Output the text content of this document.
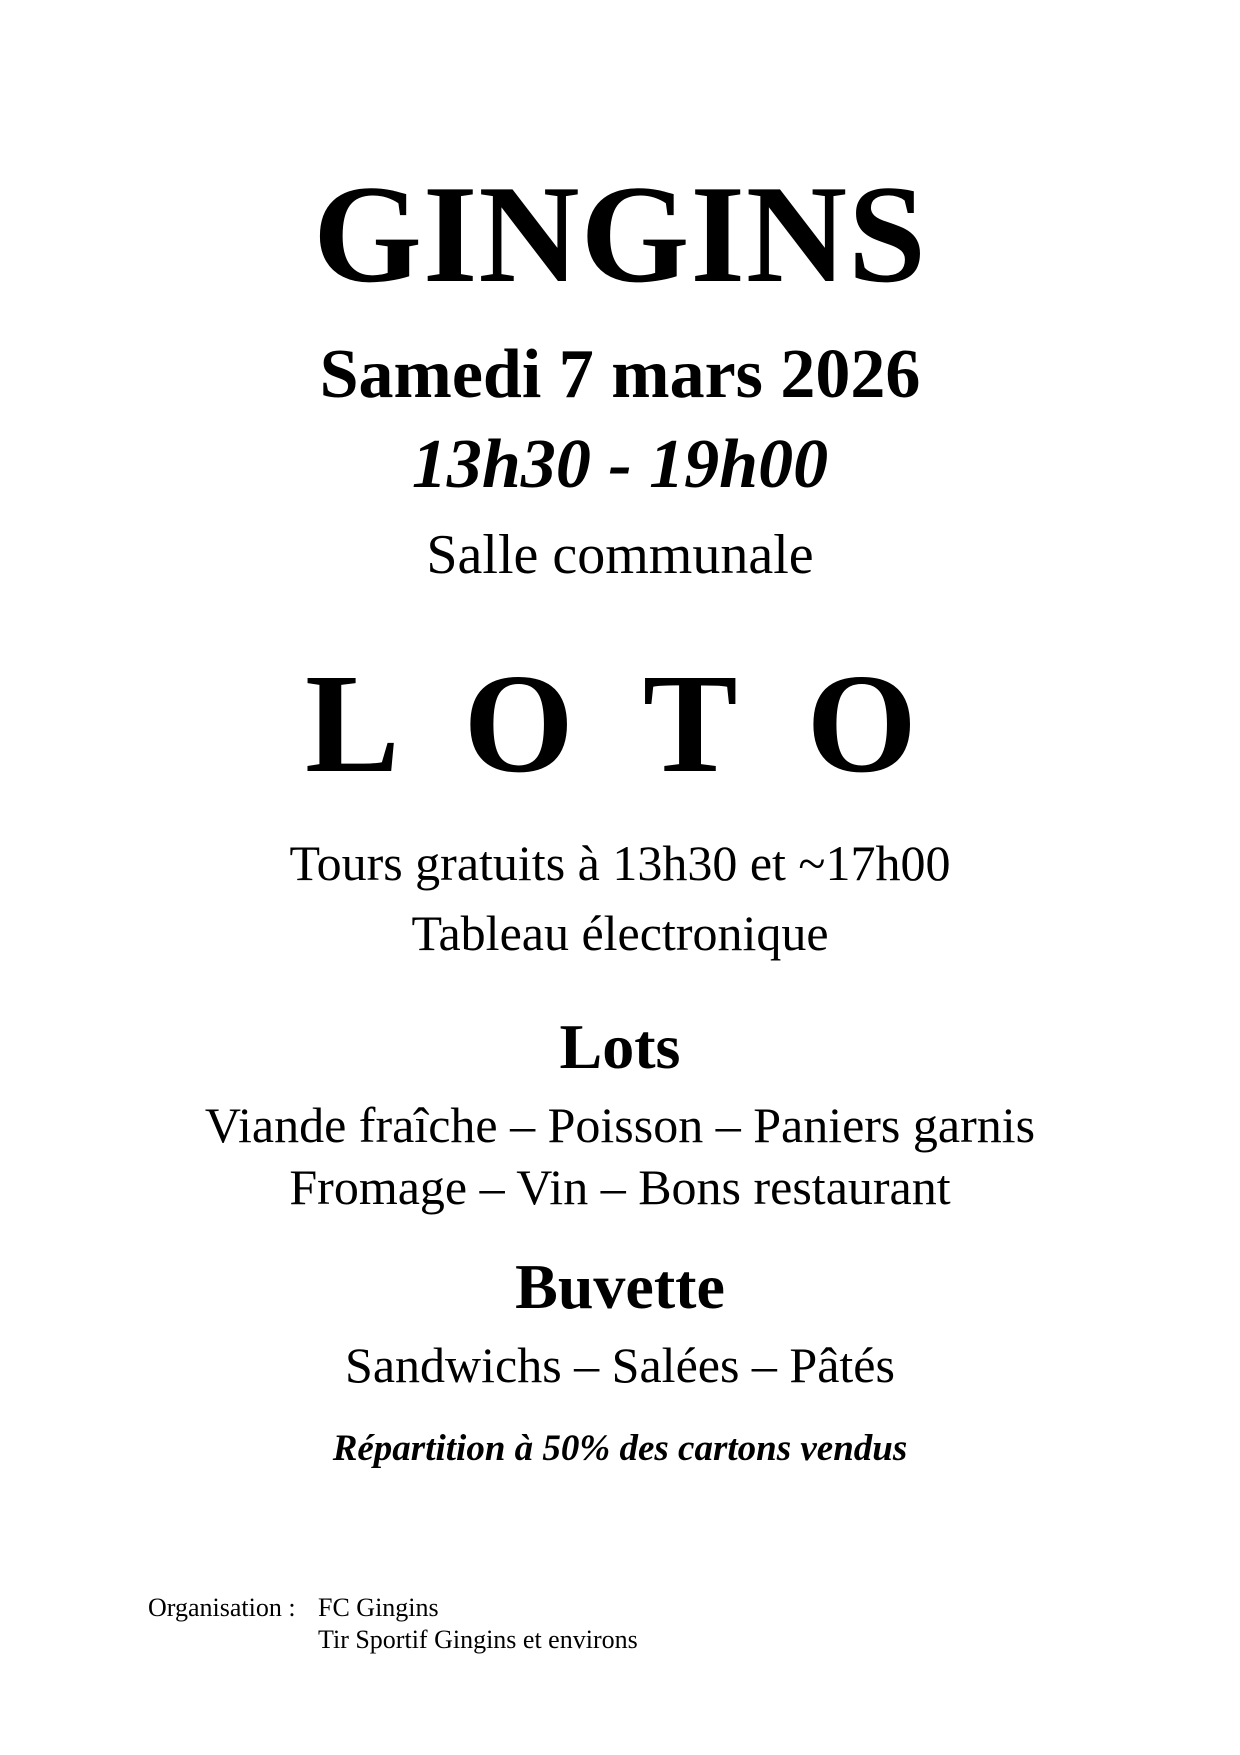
GINGINS
Samedi 7 mars 2026
13h30 - 19h00
Salle communale
L O T O
Tours gratuits à 13h30 et ~17h00
Tableau électronique
Lots
Viande fraîche – Poisson – Paniers garnis
Fromage – Vin – Bons restaurant
Buvette
Sandwichs – Salées – Pâtés
Répartition à 50% des cartons vendus
Organisation : FC Gingins
Tir Sportif Gingins et environs
